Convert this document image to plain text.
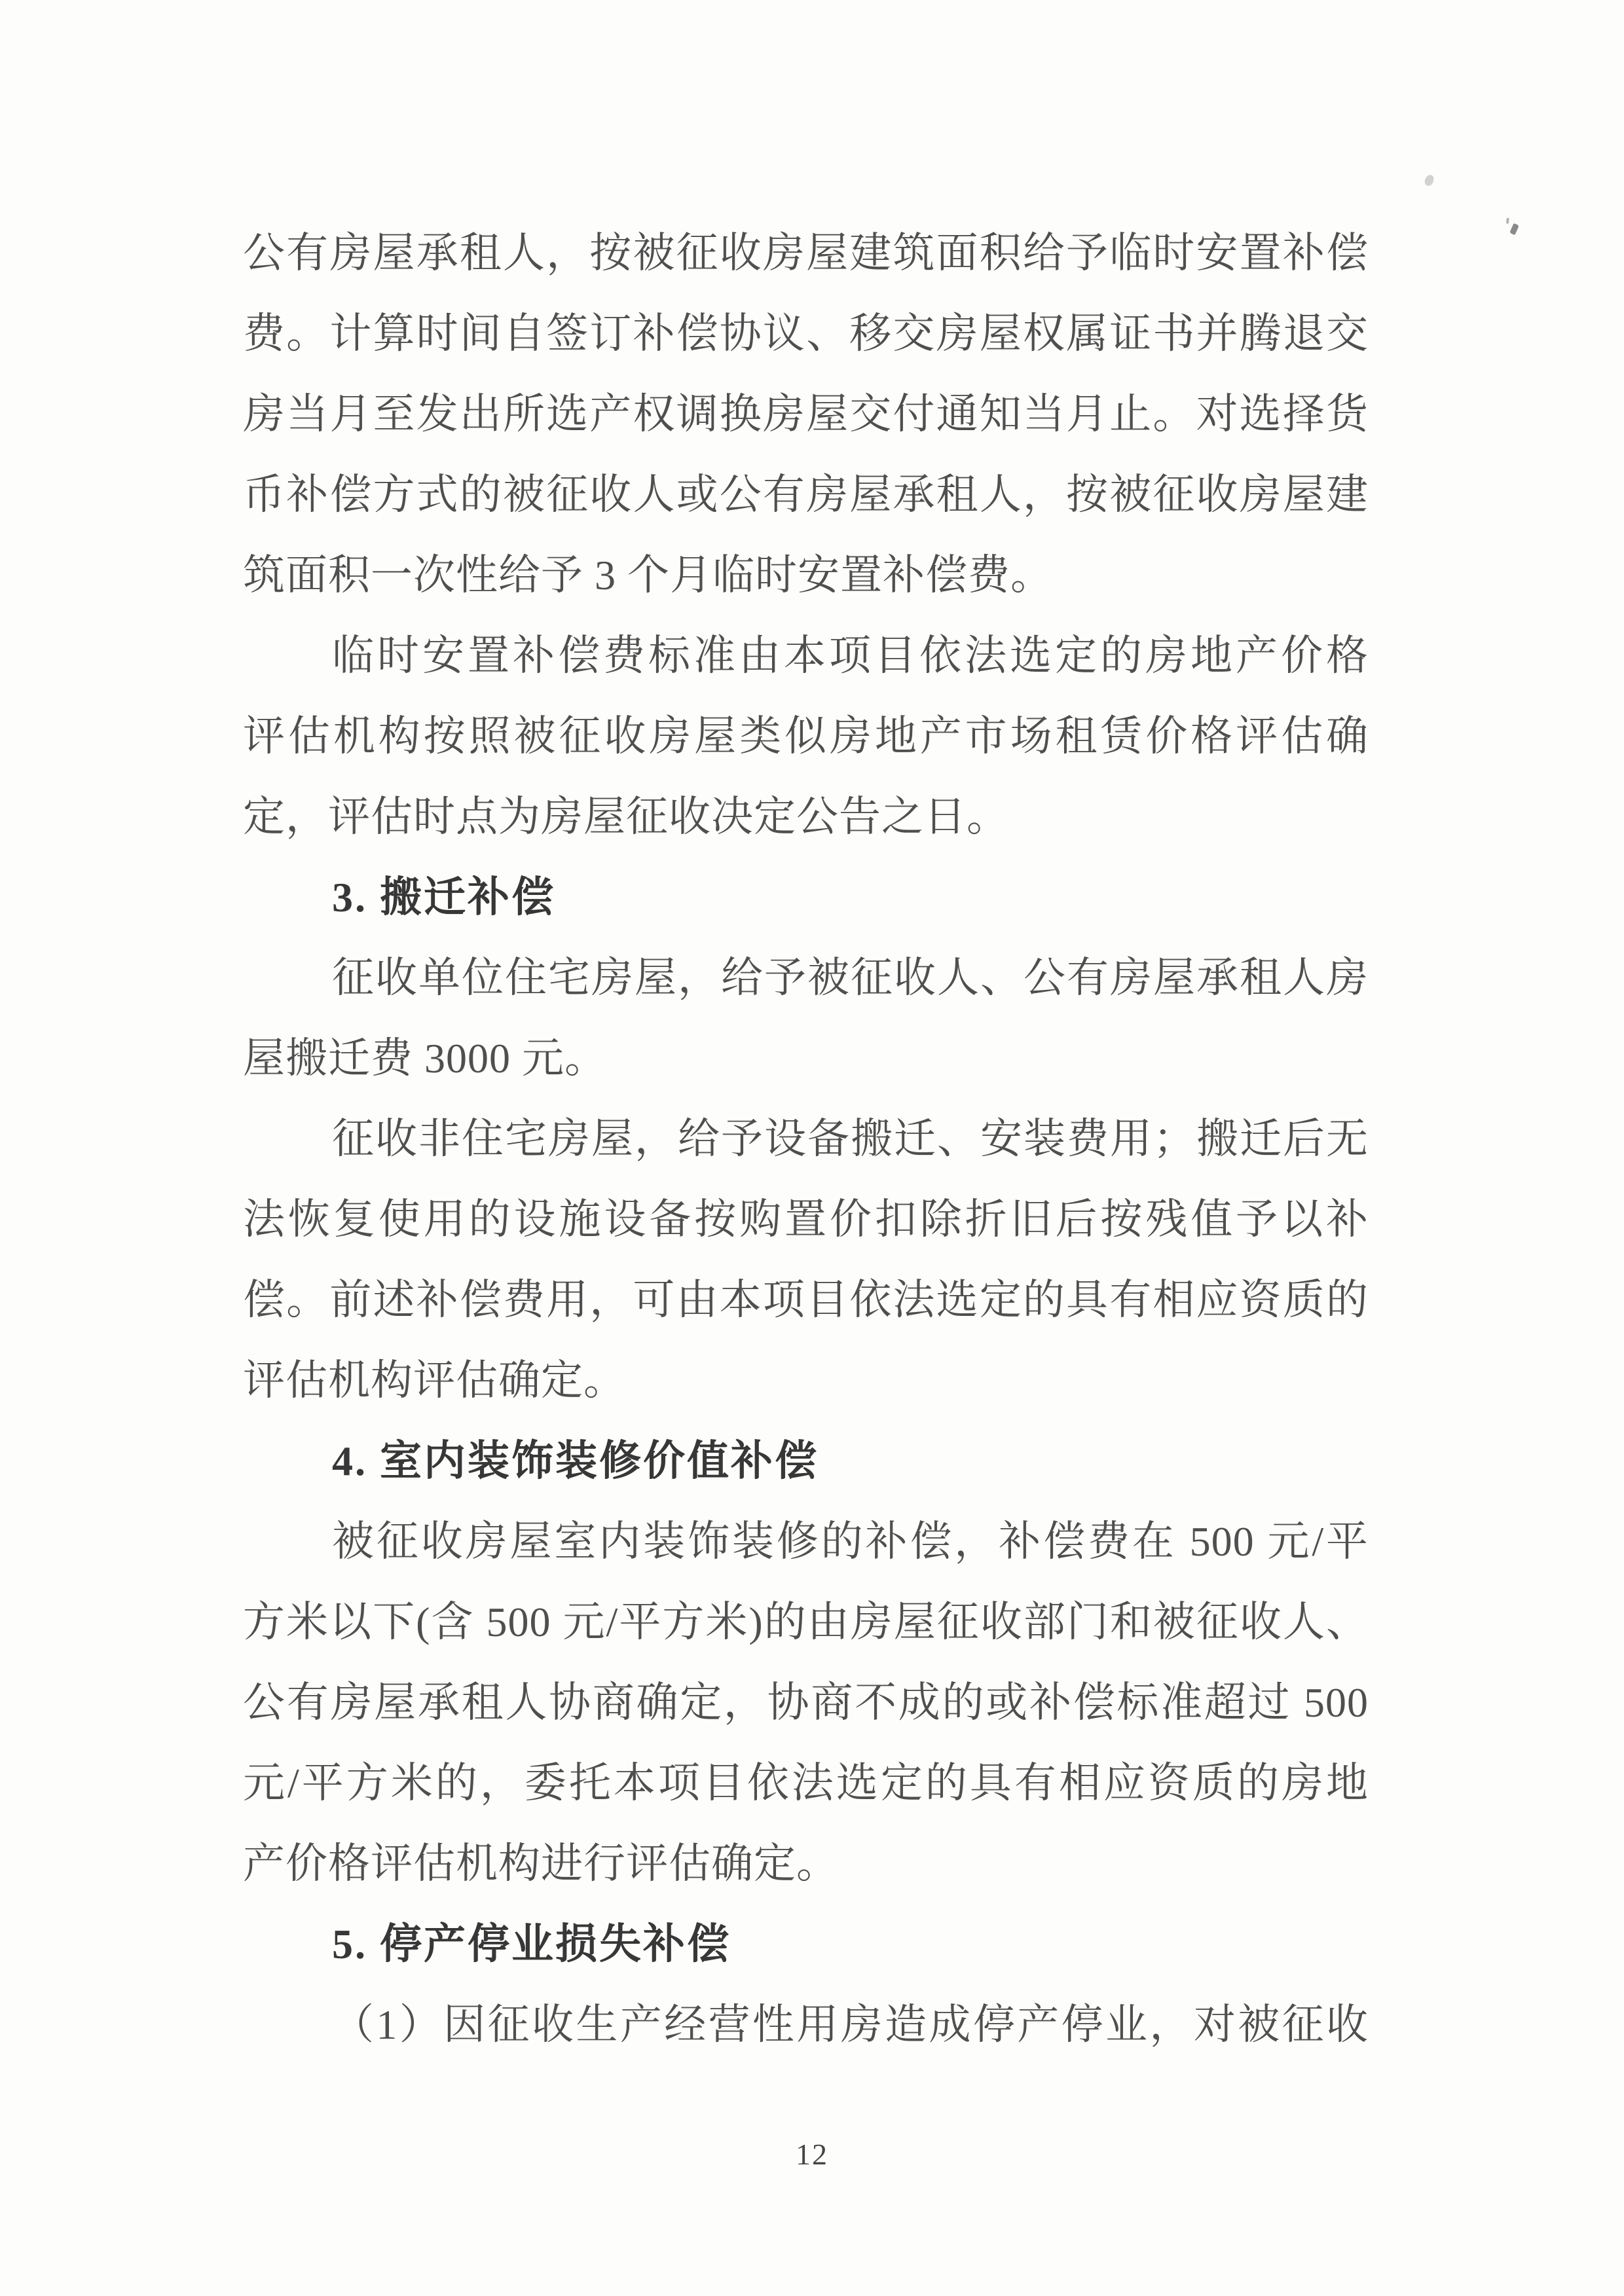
公有房屋承租人，按被征收房屋建筑面积给予临时安置补偿
费。计算时间自签订补偿协议、移交房屋权属证书并腾退交
房当月至发出所选产权调换房屋交付通知当月止。对选择货
币补偿方式的被征收人或公有房屋承租人，按被征收房屋建
筑面积一次性给予 3 个月临时安置补偿费。
临时安置补偿费标准由本项目依法选定的房地产价格
评估机构按照被征收房屋类似房地产市场租赁价格评估确
定，评估时点为房屋征收决定公告之日。
3. 搬迁补偿
征收单位住宅房屋，给予被征收人、公有房屋承租人房
屋搬迁费 3000 元。
征收非住宅房屋，给予设备搬迁、安装费用；搬迁后无
法恢复使用的设施设备按购置价扣除折旧后按残值予以补
偿。前述补偿费用，可由本项目依法选定的具有相应资质的
评估机构评估确定。
4. 室内装饰装修价值补偿
被征收房屋室内装饰装修的补偿，补偿费在 500 元/平
方米以下(含 500 元/平方米)的由房屋征收部门和被征收人、
公有房屋承租人协商确定，协商不成的或补偿标准超过 500
元/平方米的，委托本项目依法选定的具有相应资质的房地
产价格评估机构进行评估确定。
5. 停产停业损失补偿
（1）因征收生产经营性用房造成停产停业，对被征收
12
